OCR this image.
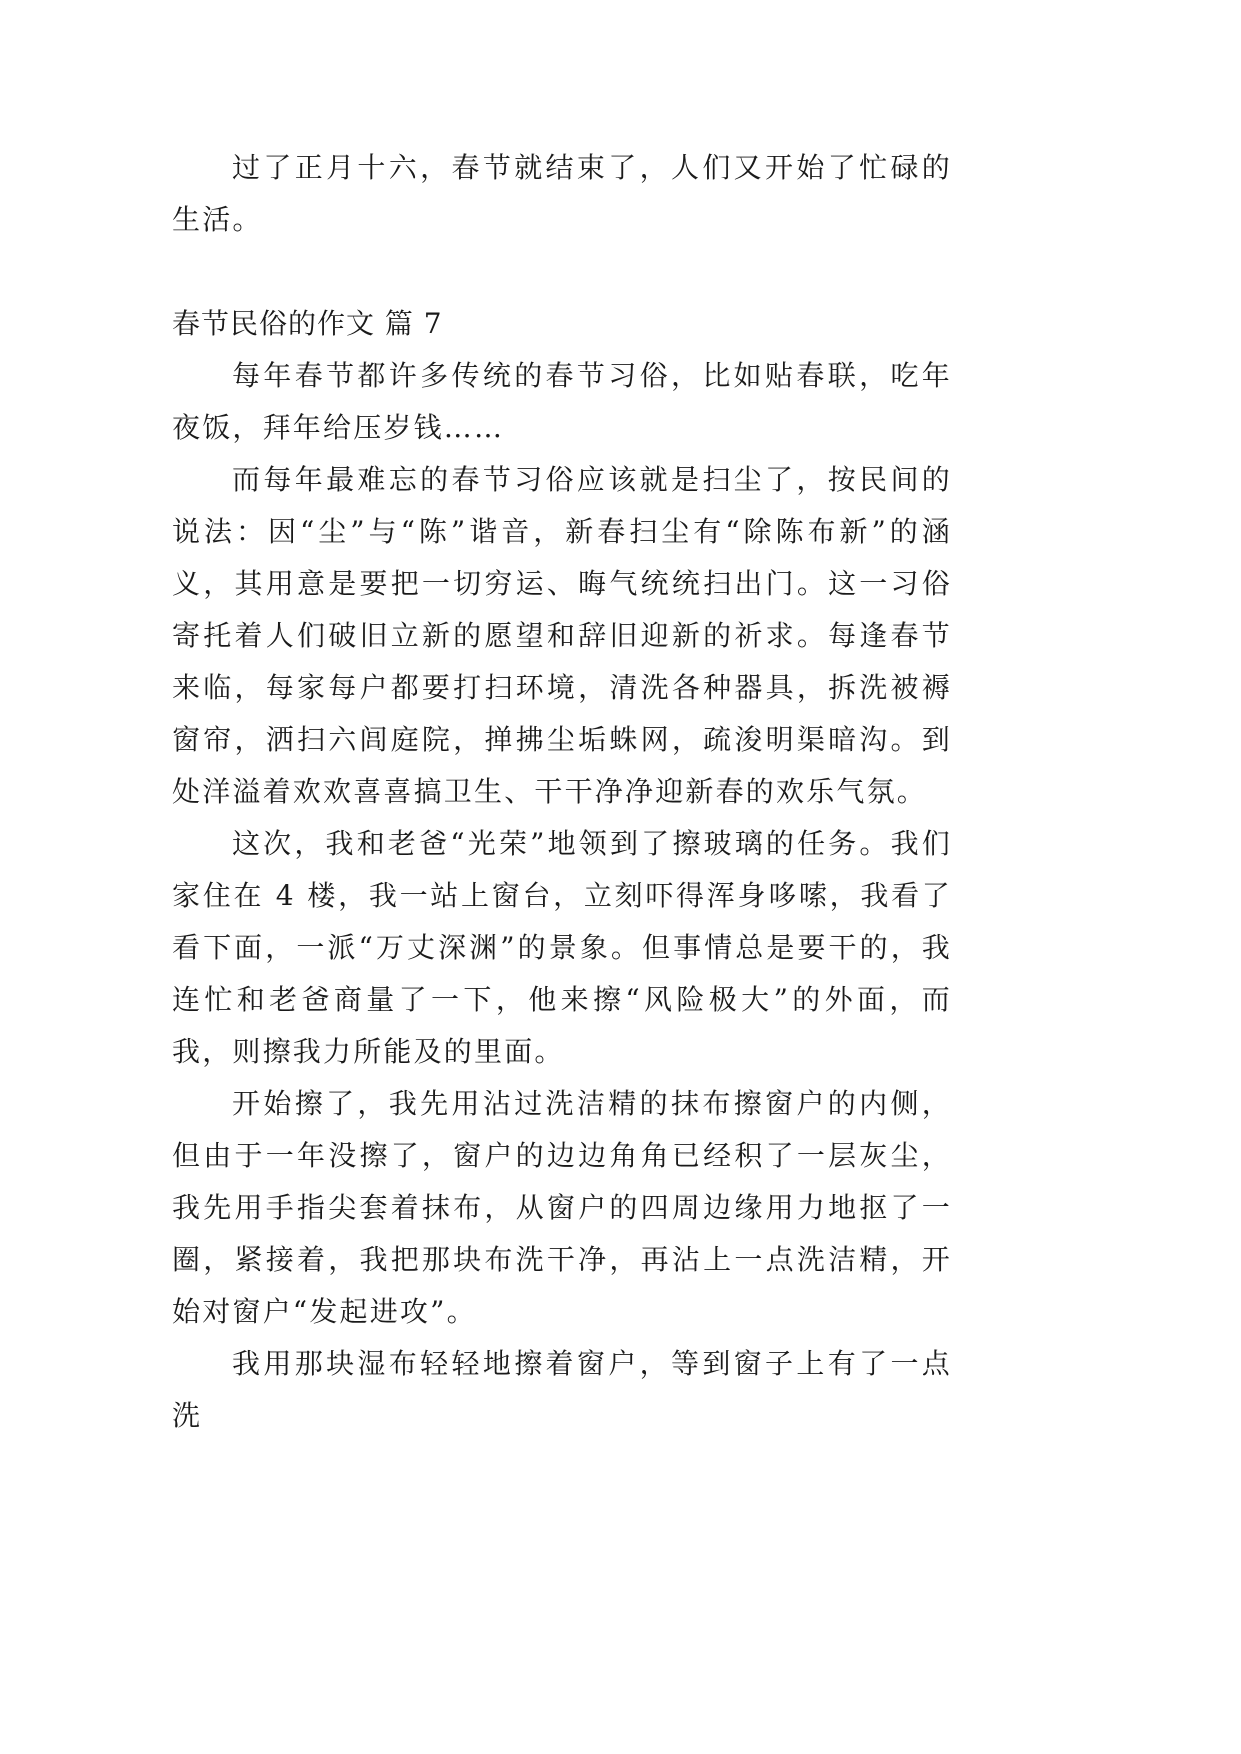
过了正月十六，春节就结束了，人们又开始了忙碌的生活。

春节民俗的作文 篇 7

每年春节都许多传统的春节习俗，比如贴春联，吃年夜饭，拜年给压岁钱……

而每年最难忘的春节习俗应该就是扫尘了，按民间的说法：因“尘”与“陈”谐音，新春扫尘有“除陈布新”的涵义，其用意是要把一切穷运、晦气统统扫出门。这一习俗寄托着人们破旧立新的愿望和辞旧迎新的祈求。每逢春节来临，每家每户都要打扫环境，清洗各种器具，拆洗被褥窗帘，洒扫六闾庭院，掸拂尘垢蛛网，疏浚明渠暗沟。到处洋溢着欢欢喜喜搞卫生、干干净净迎新春的欢乐气氛。

这次，我和老爸“光荣”地领到了擦玻璃的任务。我们家住在 4 楼，我一站上窗台，立刻吓得浑身哆嗦，我看了看下面，一派“万丈深渊”的景象。但事情总是要干的，我连忙和老爸商量了一下，他来擦“风险极大”的外面，而我，则擦我力所能及的里面。

开始擦了，我先用沾过洗洁精的抹布擦窗户的内侧，但由于一年没擦了，窗户的边边角角已经积了一层灰尘，我先用手指尖套着抹布，从窗户的四周边缘用力地抠了一圈，紧接着，我把那块布洗干净，再沾上一点洗洁精，开始对窗户“发起进攻”。

我用那块湿布轻轻地擦着窗户，等到窗子上有了一点洗
